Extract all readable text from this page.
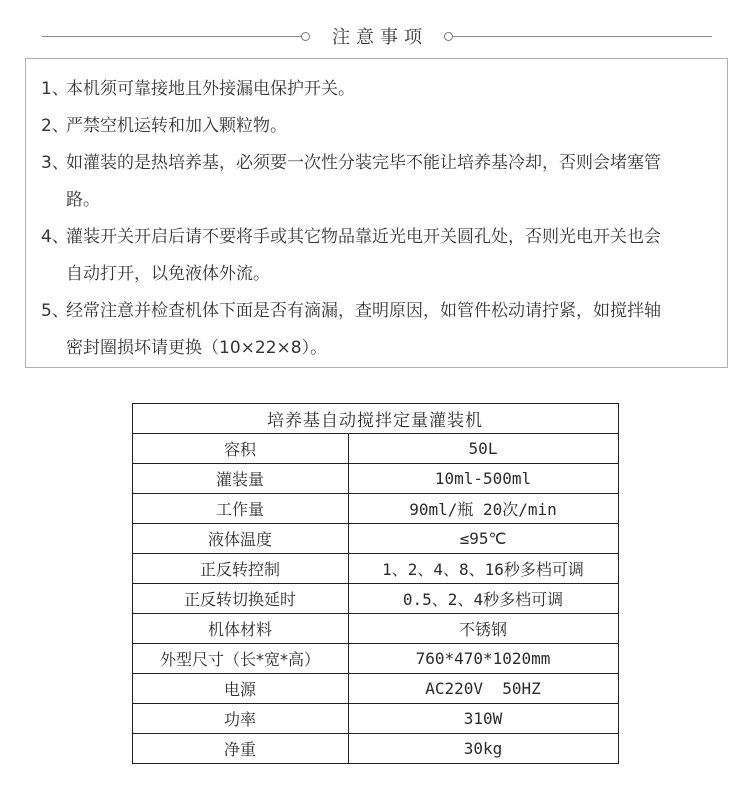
注意事项
1、本机须可靠接地且外接漏电保护开关。
2、严禁空机运转和加入颗粒物。
3、如灌装的是热培养基，必须要一次性分装完毕不能让培养基冷却，否则会堵塞管
路。
4、灌装开关开启后请不要将手或其它物品靠近光电开关圆孔处，否则光电开关也会
自动打开，以免液体外流。
5、经常注意并检查机体下面是否有滴漏，查明原因，如管件松动请拧紧，如搅拌轴
密封圈损坏请更换（10×22×8）。
培养基自动搅拌定量灌装机	
容积	50L
灌装量	10ml-500ml
工作量	90ml/瓶 20次/min
液体温度	≤95℃
正反转控制	1、2、4、8、16秒多档可调
正反转切换延时	0.5、2、4秒多档可调
机体材料	不锈钢
外型尺寸（长*宽*高）	760*470*1020mm
电源	AC220V  50HZ
功率	310W
净重	30kg
